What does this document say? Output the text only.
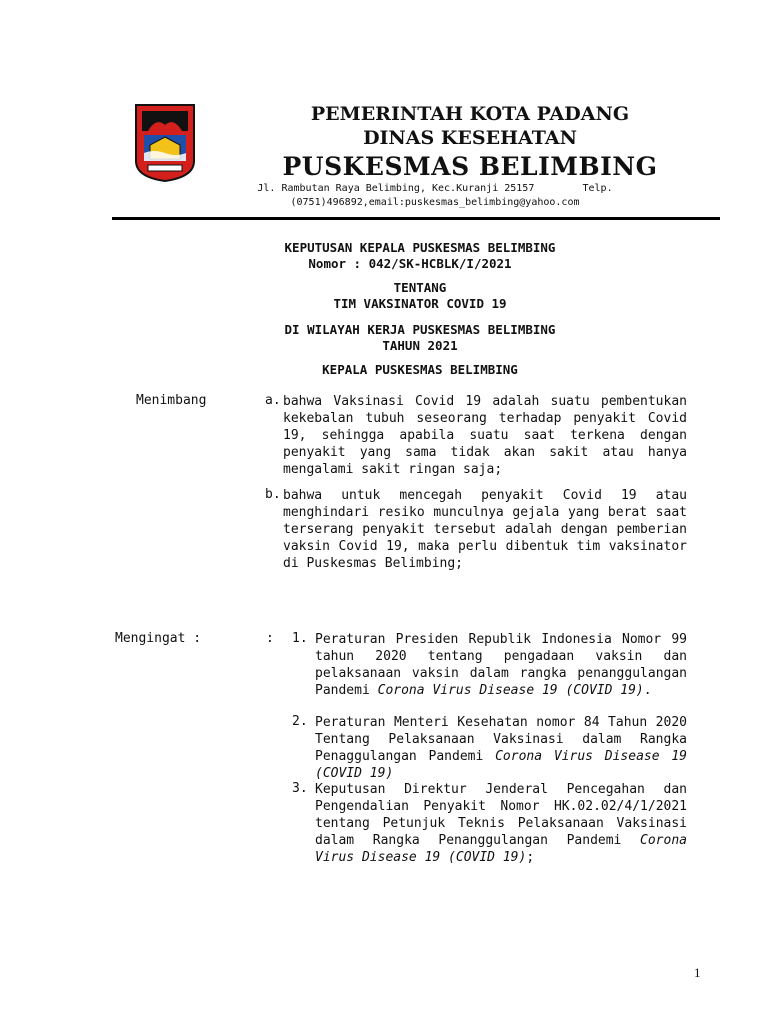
PEMERINTAH KOTA PADANG
DINAS KESEHATAN
PUSKESMAS BELIMBING
Jl. Rambutan Raya Belimbing, Kec.Kuranji 25157        Telp.
(0751)496892,email:puskesmas_belimbing@yahoo.com
KEPUTUSAN KEPALA PUSKESMAS BELIMBING
Nomor : 042/SK-HCBLK/I/2021
TENTANG
TIM VAKSINATOR COVID 19
DI WILAYAH KERJA PUSKESMAS BELIMBING
TAHUN 2021
KEPALA PUSKESMAS BELIMBING
Menimbang	a. bahwa Vaksinasi Covid 19 adalah suatu pembentukan kekebalan tubuh seseorang terhadap penyakit Covid 19, sehingga apabila suatu saat terkena dengan penyakit yang sama tidak akan sakit atau hanya mengalami sakit ringan saja;
b. bahwa untuk mencegah penyakit Covid 19 atau menghindari resiko munculnya gejala yang berat saat terserang penyakit tersebut adalah dengan pemberian vaksin Covid 19, maka perlu dibentuk tim vaksinator di Puskesmas Belimbing;
Mengingat :	: 1. Peraturan Presiden Republik Indonesia Nomor 99 tahun 2020 tentang pengadaan vaksin dan pelaksanaan vaksin dalam rangka penanggulangan Pandemi Corona Virus Disease 19 (COVID 19).
2. Peraturan Menteri Kesehatan nomor 84 Tahun 2020 Tentang Pelaksanaan Vaksinasi dalam Rangka Penaggulangan Pandemi Corona Virus Disease 19 (COVID 19)
3. Keputusan Direktur Jenderal Pencegahan dan Pengendalian Penyakit Nomor HK.02.02/4/1/2021 tentang Petunjuk Teknis Pelaksanaan Vaksinasi dalam Rangka Penanggulangan Pandemi Corona Virus Disease 19 (COVID 19);
1
